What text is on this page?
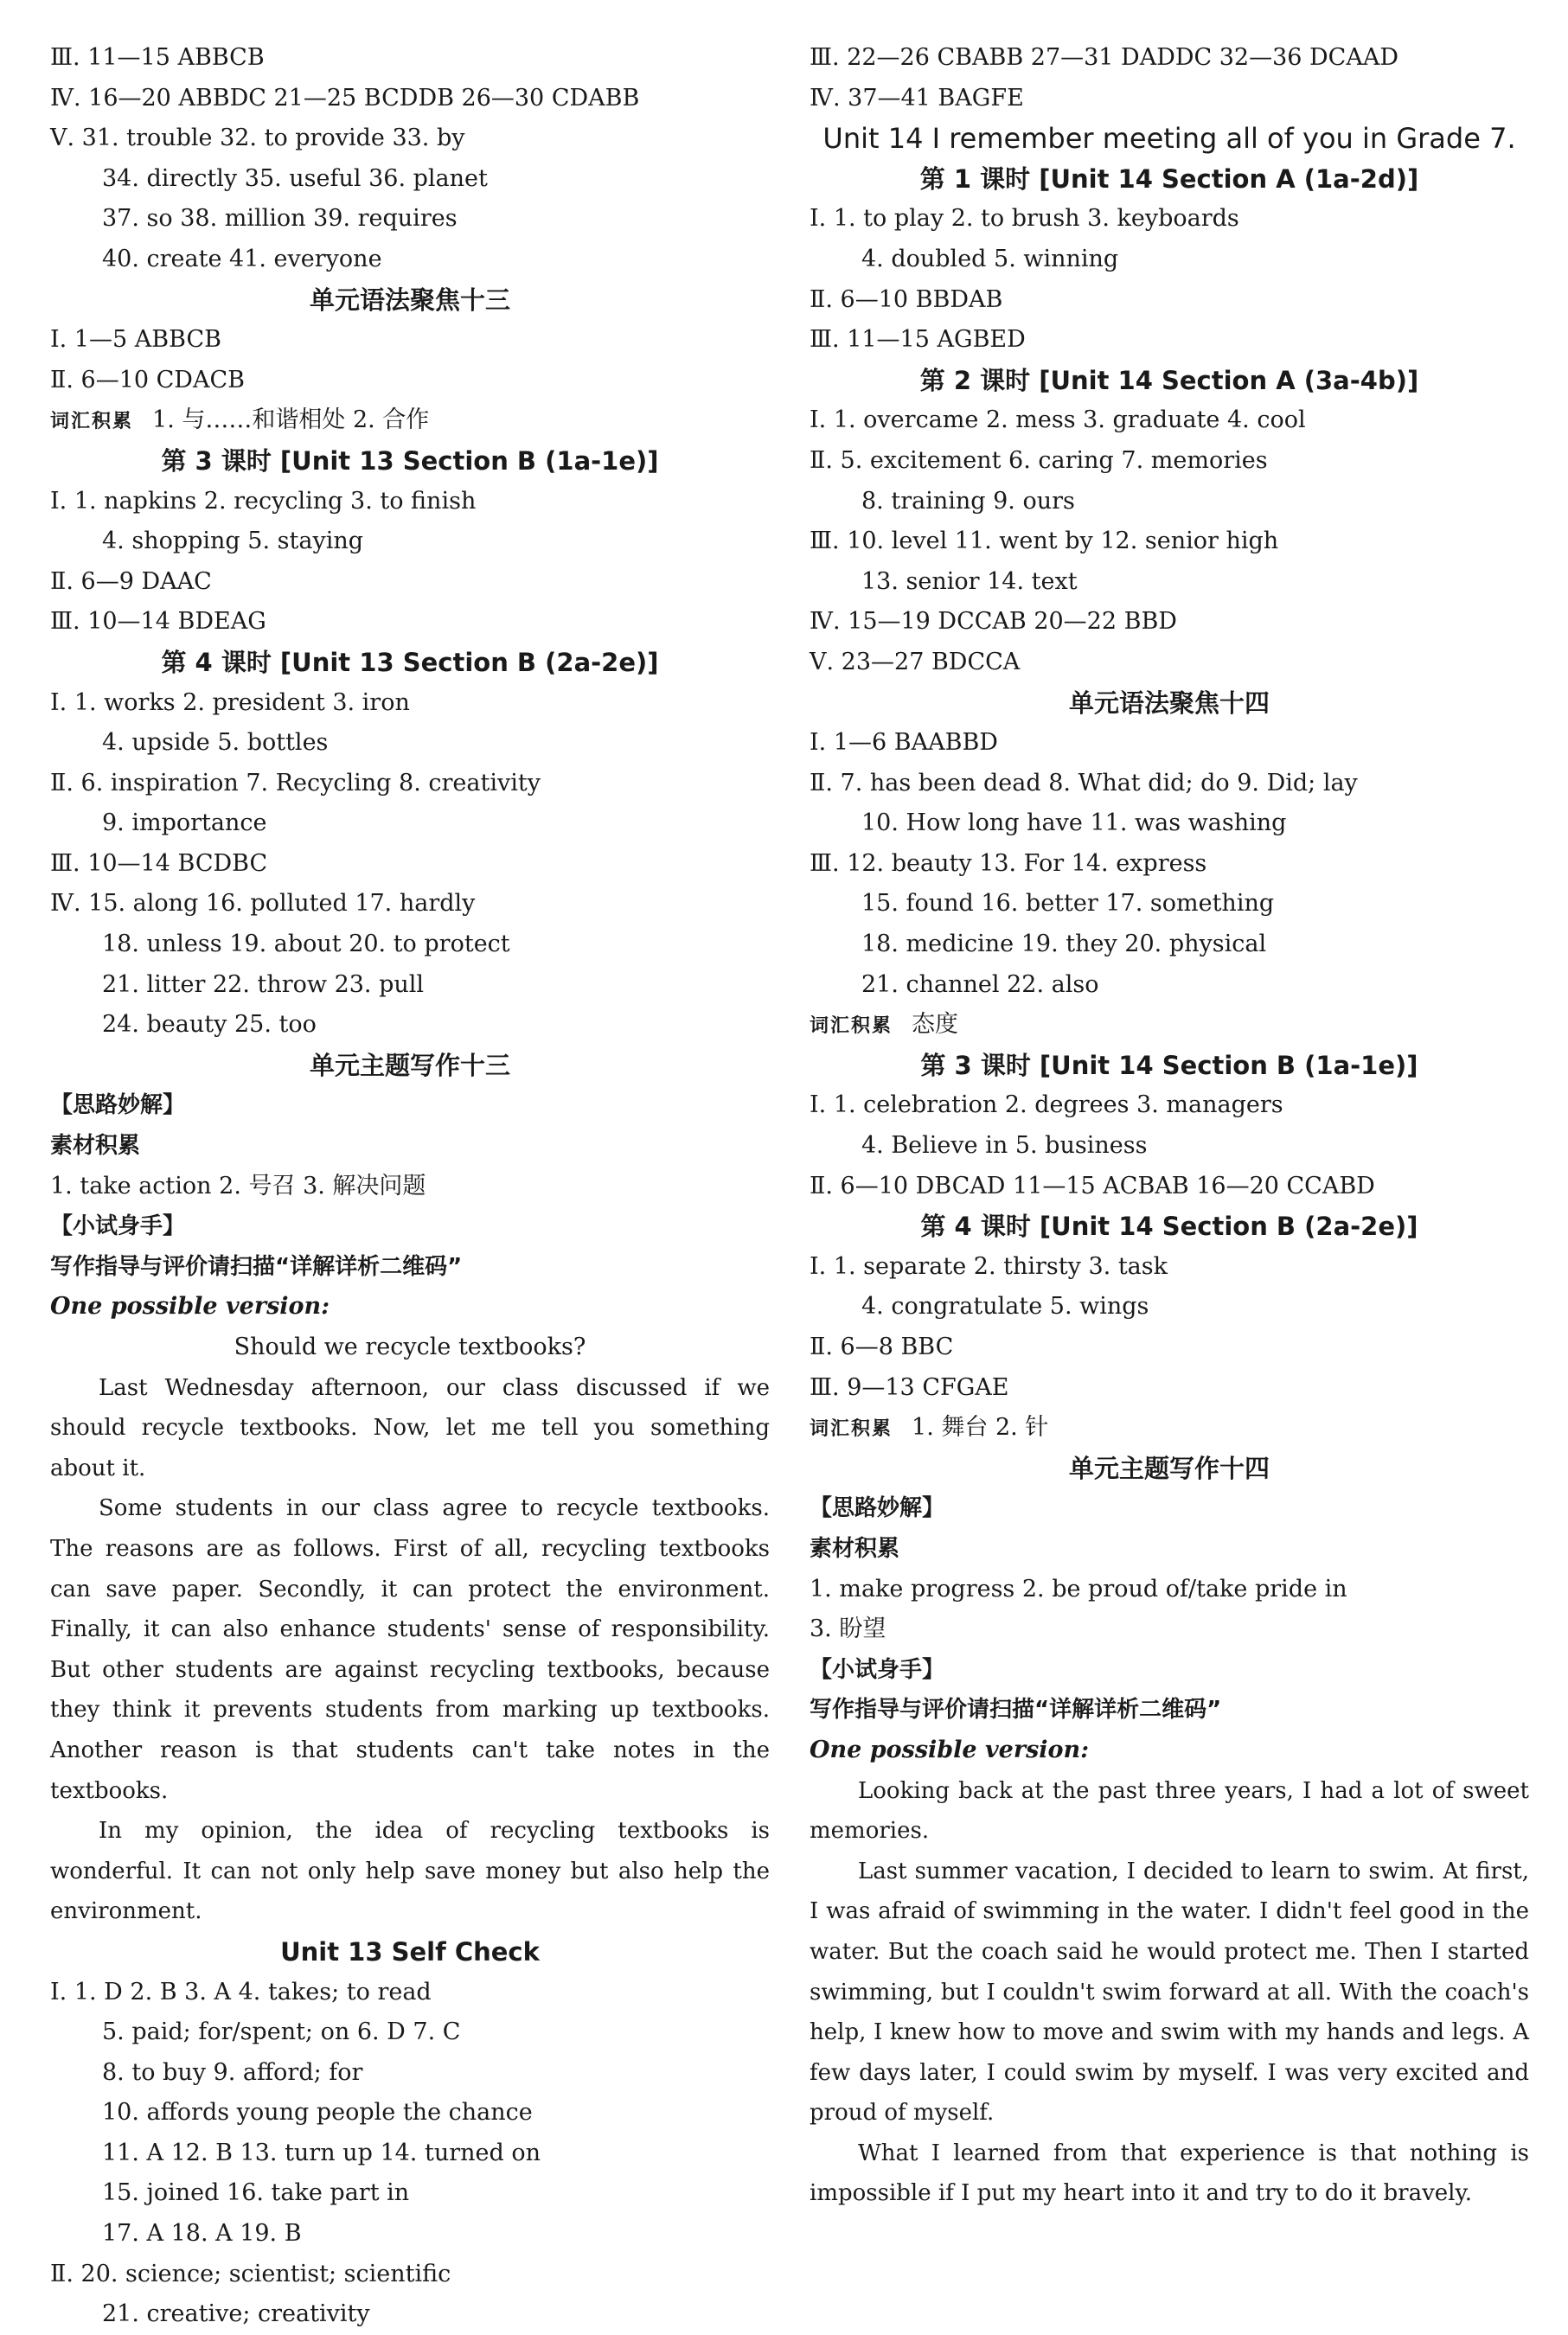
Ⅲ. 11—15 ABBCB
Ⅳ. 16—20 ABBDC 21—25 BCDDB 26—30 CDABB
Ⅴ. 31. trouble 32. to provide 33. by
34. directly 35. useful 36. planet
37. so 38. million 39. requires
40. create 41. everyone
单元语法聚焦十三
Ⅰ. 1—5 ABBCB
Ⅱ. 6—10 CDACB
词汇积累 1. 与……和谐相处 2. 合作
第 3 课时 [Unit 13 Section B (1a-1e)]
Ⅰ. 1. napkins 2. recycling 3. to finish
4. shopping 5. staying
Ⅱ. 6—9 DAAC
Ⅲ. 10—14 BDEAG
第 4 课时 [Unit 13 Section B (2a-2e)]
Ⅰ. 1. works 2. president 3. iron
4. upside 5. bottles
Ⅱ. 6. inspiration 7. Recycling 8. creativity
9. importance
Ⅲ. 10—14 BCDBC
Ⅳ. 15. along 16. polluted 17. hardly
18. unless 19. about 20. to protect
21. litter 22. throw 23. pull
24. beauty 25. too
单元主题写作十三
【思路妙解】
素材积累
1. take action 2. 号召 3. 解决问题
【小试身手】
写作指导与评价请扫描“详解详析二维码”
One possible version:
Should we recycle textbooks?

Last Wednesday afternoon, our class discussed if we should recycle textbooks. Now, let me tell you something about it.

Some students in our class agree to recycle textbooks. The reasons are as follows. First of all, recycling textbooks can save paper. Secondly, it can protect the environment. Finally, it can also enhance students' sense of responsibility. But other students are against recycling textbooks, because they think it prevents students from marking up textbooks. Another reason is that students can't take notes in the textbooks.

In my opinion, the idea of recycling textbooks is wonderful. It can not only help save money but also help the environment.

Unit 13 Self Check
Ⅰ. 1. D 2. B 3. A 4. takes; to read
5. paid; for/spent; on 6. D 7. C
8. to buy 9. afford; for
10. affords young people the chance
11. A 12. B 13. turn up 14. turned on
15. joined 16. take part in
17. A 18. A 19. B
Ⅱ. 20. science; scientist; scientific
21. creative; creativity
Ⅲ. 22—26 CBABB 27—31 DADDC 32—36 DCAAD
Ⅳ. 37—41 BAGFE
Unit 14 I remember meeting all of you in Grade 7.
第 1 课时 [Unit 14 Section A (1a-2d)]
Ⅰ. 1. to play 2. to brush 3. keyboards
4. doubled 5. winning
Ⅱ. 6—10 BBDAB
Ⅲ. 11—15 AGBED
第 2 课时 [Unit 14 Section A (3a-4b)]
Ⅰ. 1. overcame 2. mess 3. graduate 4. cool
Ⅱ. 5. excitement 6. caring 7. memories
8. training 9. ours
Ⅲ. 10. level 11. went by 12. senior high
13. senior 14. text
Ⅳ. 15—19 DCCAB 20—22 BBD
Ⅴ. 23—27 BDCCA
单元语法聚焦十四
Ⅰ. 1—6 BAABBD
Ⅱ. 7. has been dead 8. What did; do 9. Did; lay
10. How long have 11. was washing
Ⅲ. 12. beauty 13. For 14. express
15. found 16. better 17. something
18. medicine 19. they 20. physical
21. channel 22. also
词汇积累 态度
第 3 课时 [Unit 14 Section B (1a-1e)]
Ⅰ. 1. celebration 2. degrees 3. managers
4. Believe in 5. business
Ⅱ. 6—10 DBCAD 11—15 ACBAB 16—20 CCABD
第 4 课时 [Unit 14 Section B (2a-2e)]
Ⅰ. 1. separate 2. thirsty 3. task
4. congratulate 5. wings
Ⅱ. 6—8 BBC
Ⅲ. 9—13 CFGAE
词汇积累 1. 舞台 2. 针
单元主题写作十四
【思路妙解】
素材积累
1. make progress 2. be proud of/take pride in
3. 盼望
【小试身手】
写作指导与评价请扫描“详解详析二维码”
One possible version:

Looking back at the past three years, I had a lot of sweet memories.

Last summer vacation, I decided to learn to swim. At first, I was afraid of swimming in the water. I didn't feel good in the water. But the coach said he would protect me. Then I started swimming, but I couldn't swim forward at all. With the coach's help, I knew how to move and swim with my hands and legs. A few days later, I could swim by myself. I was very excited and proud of myself.

What I learned from that experience is that nothing is impossible if I put my heart into it and try to do it bravely.
